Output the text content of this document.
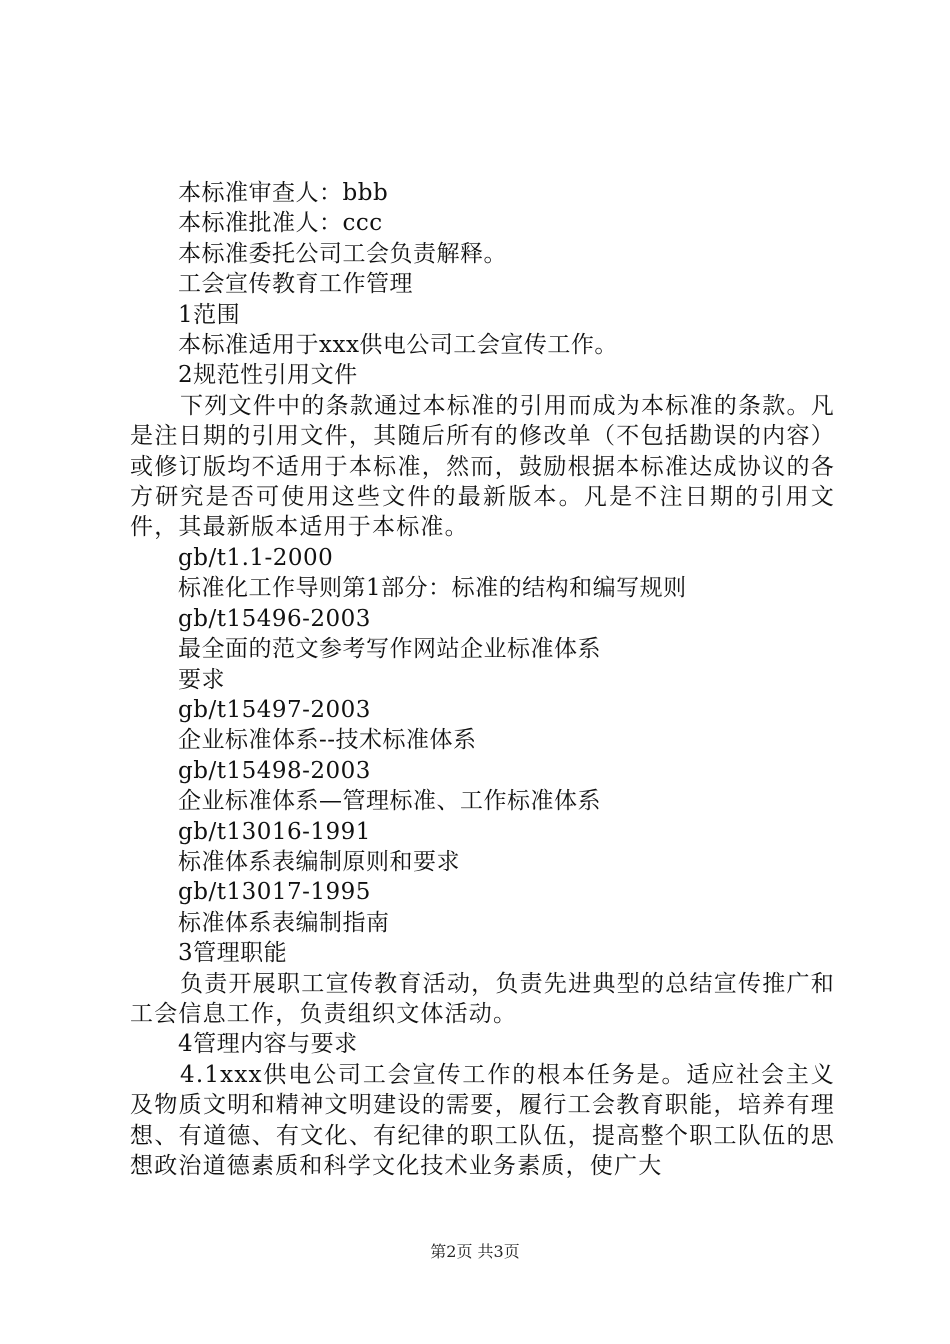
本标准审查人：bbb
本标准批准人：ccc
本标准委托公司工会负责解释。
工会宣传教育工作管理
1范围
本标准适用于xxx供电公司工会宣传工作。
2规范性引用文件

下列文件中的条款通过本标准的引用而成为本标准的条款。凡是注日期的引用文件，其随后所有的修改单（不包括勘误的内容）或修订版均不适用于本标准，然而，鼓励根据本标准达成协议的各方研究是否可使用这些文件的最新版本。凡是不注日期的引用文件，其最新版本适用于本标准。

gb/t1.1-2000
标准化工作导则第1部分：标准的结构和编写规则
gb/t15496-2003
最全面的范文参考写作网站企业标准体系
要求
gb/t15497-2003
企业标准体系--技术标准体系
gb/t15498-2003
企业标准体系—管理标准、工作标准体系
gb/t13016-1991
标准体系表编制原则和要求
gb/t13017-1995
标准体系表编制指南
3管理职能

负责开展职工宣传教育活动，负责先进典型的总结宣传推广和工会信息工作，负责组织文体活动。

4管理内容与要求

4.1xxx供电公司工会宣传工作的根本任务是。适应社会主义及物质文明和精神文明建设的需要，履行工会教育职能，培养有理想、有道德、有文化、有纪律的职工队伍，提高整个职工队伍的思想政治道德素质和科学文化技术业务素质，使广大

第2页 共3页
